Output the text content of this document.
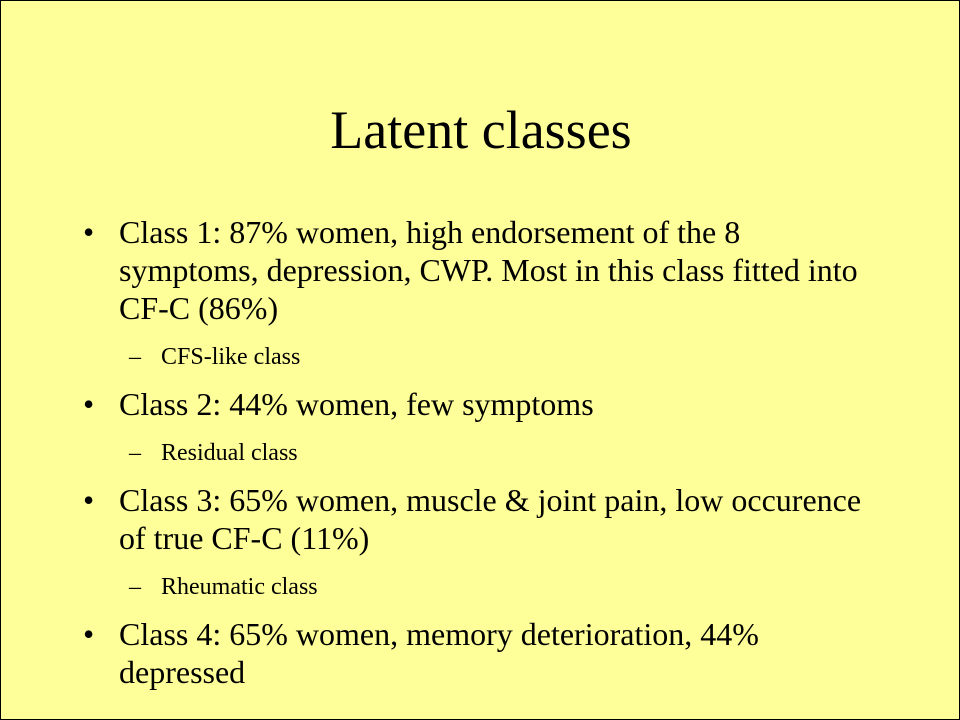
Latent classes
• Class 1: 87% women, high endorsement of the 8 symptoms, depression, CWP. Most in this class fitted into CF-C (86%)
– CFS-like class
• Class 2: 44% women, few symptoms
– Residual class
• Class 3: 65% women, muscle & joint pain, low occurence of true CF-C (11%)
– Rheumatic class
• Class 4: 65% women, memory deterioration, 44% depressed
